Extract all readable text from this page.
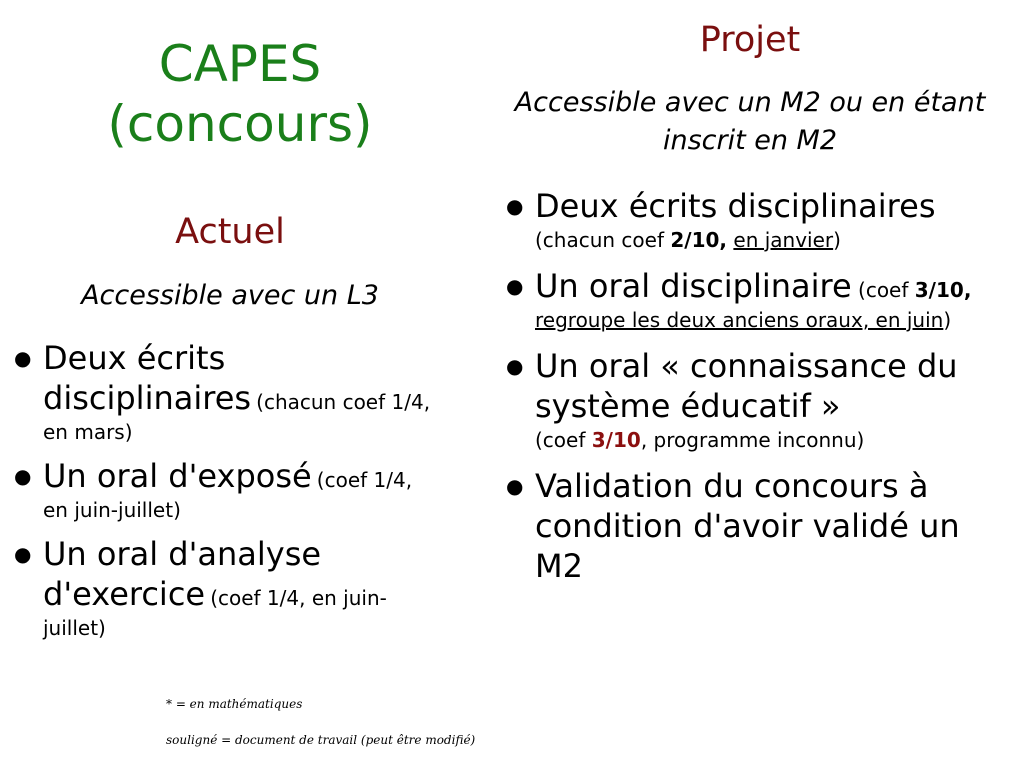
CAPES
(concours)
Actuel
Accessible avec un L3
● Deux écrits disciplinaires (chacun coef 1/4, en mars)
● Un oral d'exposé (coef 1/4, en juin-juillet)
● Un oral d'analyse d'exercice (coef 1/4, en juin-juillet)
Projet
Accessible avec un M2 ou en étant inscrit en M2
● Deux écrits disciplinaires
(chacun coef 2/10, en janvier)
● Un oral disciplinaire (coef 3/10, regroupe les deux anciens oraux, en juin)
● Un oral « connaissance du système éducatif »
(coef 3/10, programme inconnu)
● Validation du concours à condition d'avoir validé un M2
* = en mathématiques
souligné = document de travail (peut être modifié)
